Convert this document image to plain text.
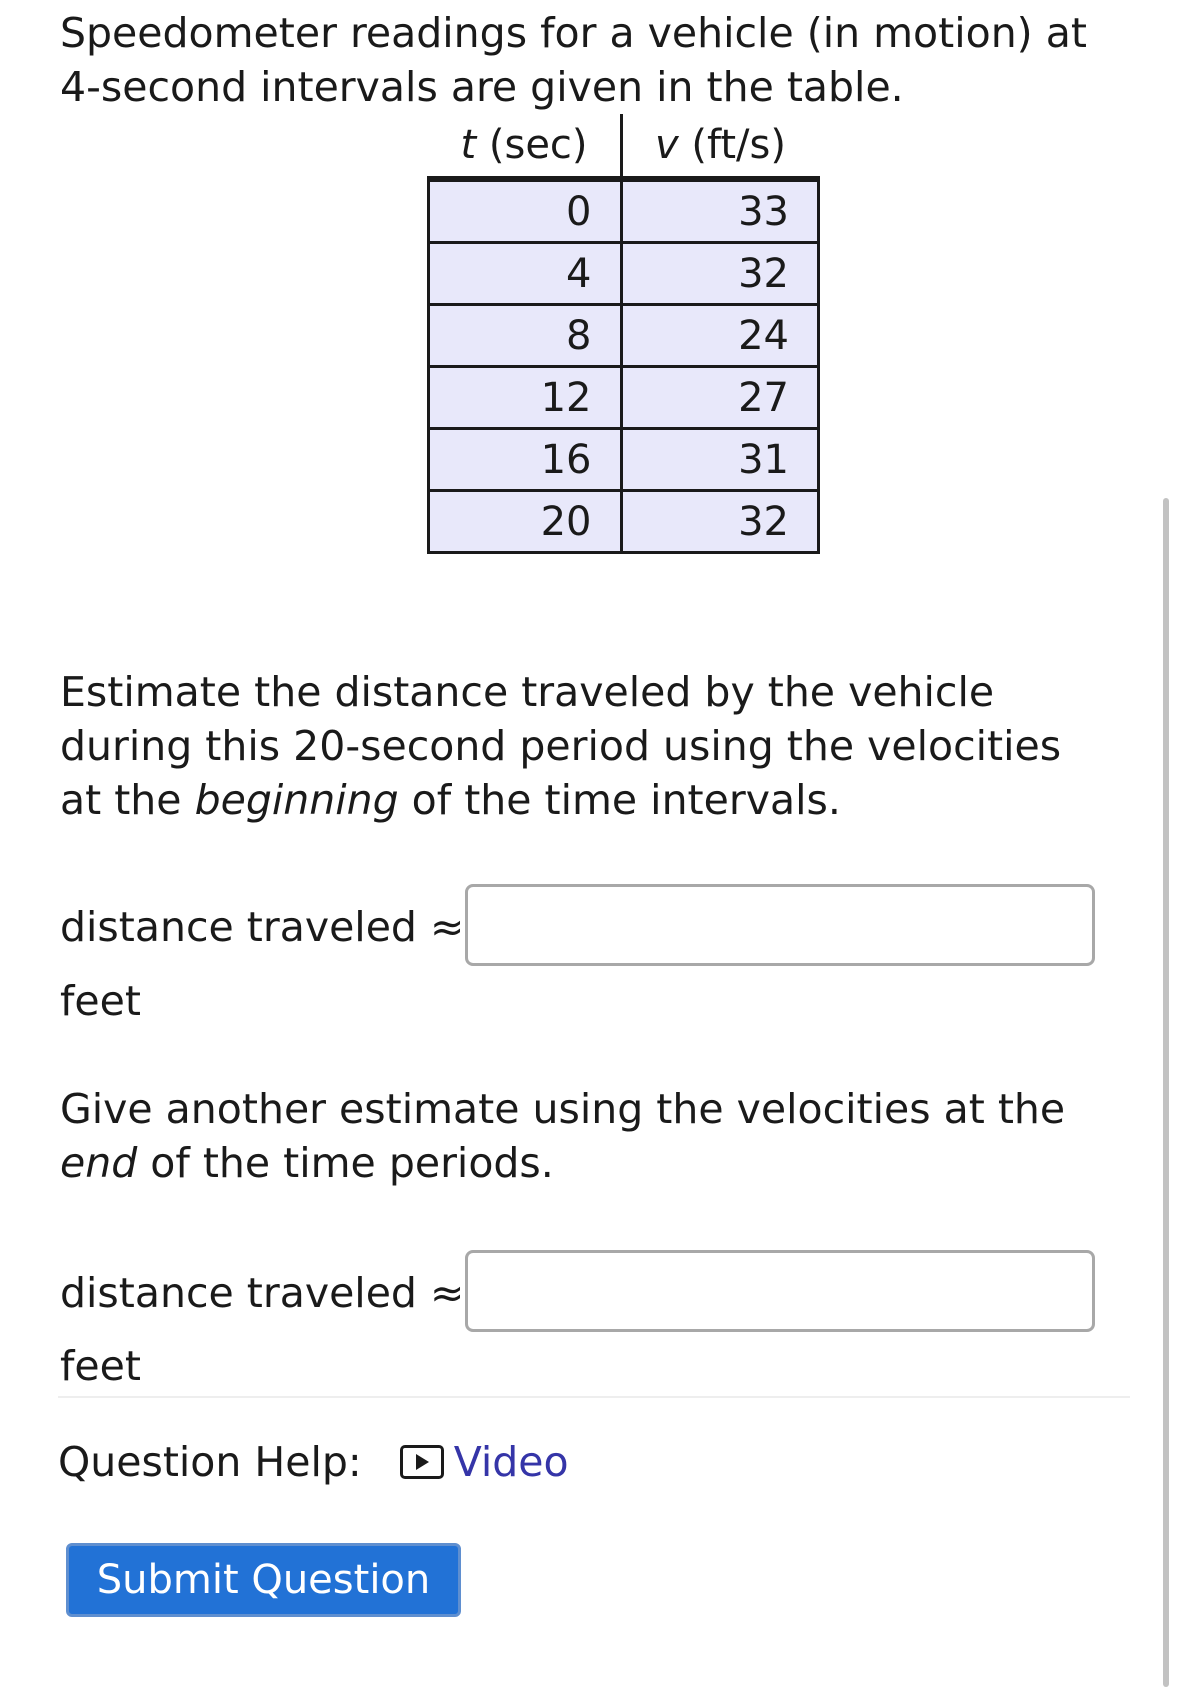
Speedometer readings for a vehicle (in motion) at 4-second intervals are given in the table.

t (sec)	v (ft/s)
0	33
4	32
8	24
12	27
16	31
20	32

Estimate the distance traveled by the vehicle during this 20-second period using the velocities at the beginning of the time intervals.

distance traveled ≈
feet

Give another estimate using the velocities at the end of the time periods.

distance traveled ≈
feet
Question Help: Video
Submit Question
